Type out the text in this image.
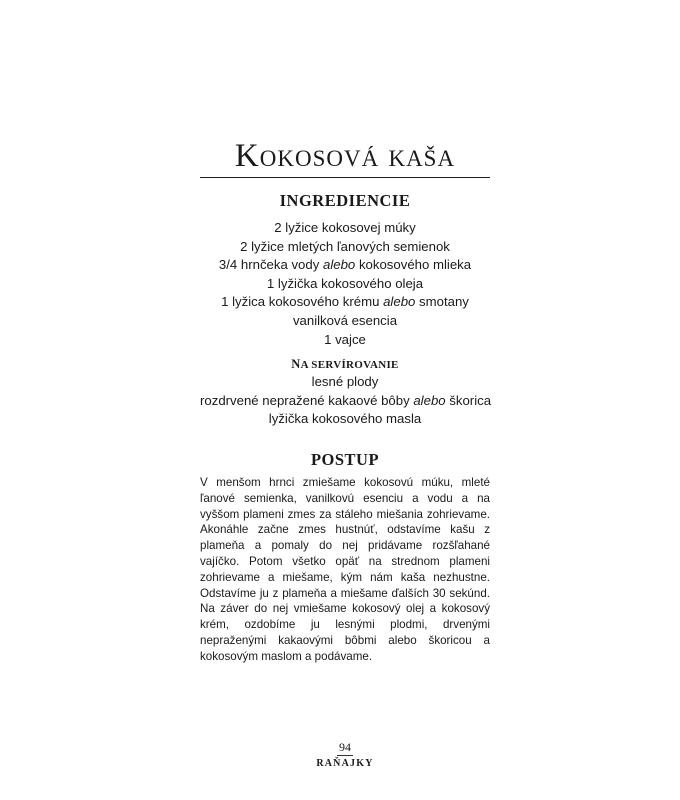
Kokosová kaša
INGREDIENCIE
2 lyžice kokosovej múky
2 lyžice mletých ľanových semienok
3/4 hrnčeka vody alebo kokosového mlieka
1 lyžička kokosového oleja
1 lyžica kokosového krému alebo smotany
vanilková esencia
1 vajce
NA SERVÍROVANIE
lesné plody
rozdrvené nepražené kakaové bôby alebo škorica
lyžička kokosového masla
POSTUP

V menšom hrnci zmiešame kokosovú múku, mleté ľanové semienka, vanilkovú esenciu a vodu a na vyššom plameni zmes za stáleho miešania zohrievame. Akonáhle začne zmes hustnúť, odstavíme kašu z plameňa a pomaly do nej pridávame rozšľahané vajíčko. Potom všetko opäť na strednom plameni zohrievame a miešame, kým nám kaša nezhustne. Odstavíme ju z plameňa a miešame ďalších 30 sekúnd. Na záver do nej vmiešame kokosový olej a kokosový krém, ozdobíme ju lesnými plodmi, drvenými nepraženými kakaovými bôbmi alebo škoricou a kokosovým maslom a podávame.

94
RAŇAJKY
